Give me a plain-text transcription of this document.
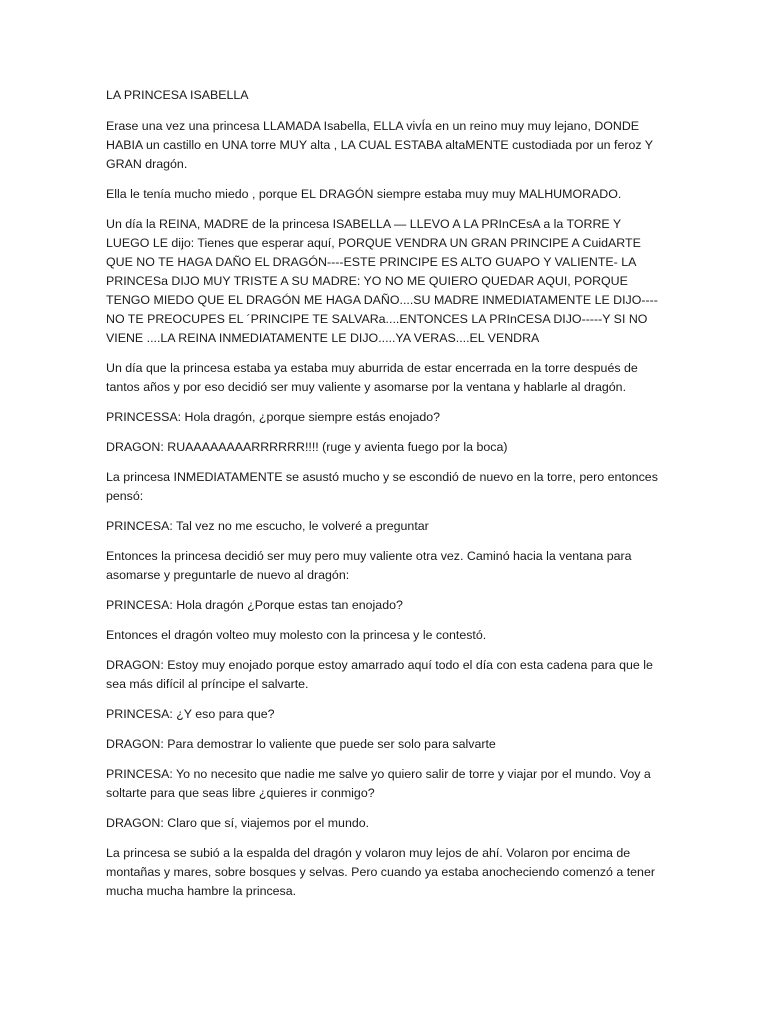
LA PRINCESA ISABELLA

Erase una vez una princesa LLAMADA Isabella, ELLA vivÍa en un reino muy muy lejano, DONDE HABIA un castillo en UNA torre MUY alta , LA CUAL ESTABA altaMENTE custodiada por un feroz Y GRAN dragón.

Ella le tenía mucho miedo , porque EL DRAGÓN siempre estaba muy muy MALHUMORADO.

Un día la REINA, MADRE de la princesa ISABELLA — LLEVO A LA PRInCEsA a la TORRE Y LUEGO LE dijo: Tienes que esperar aquí, PORQUE VENDRA UN GRAN PRINCIPE A CuidARTE QUE NO TE HAGA DAÑO EL DRAGÓN----ESTE PRINCIPE ES ALTO GUAPO Y VALIENTE- LA PRINCESa DIJO MUY TRISTE A SU MADRE: YO NO ME QUIERO QUEDAR AQUI, PORQUE TENGO MIEDO QUE EL DRAGÓN ME HAGA DAÑO....SU MADRE INMEDIATAMENTE LE DIJO----NO TE PREOCUPES EL ´PRINCIPE TE SALVARa....ENTONCES LA PRInCESA DIJO-----Y SI NO VIENE ....LA REINA INMEDIATAMENTE LE DIJO.....YA VERAS....EL VENDRA

Un día que la princesa estaba ya estaba muy aburrida de estar encerrada en la torre después de tantos años y por eso decidió ser muy valiente y asomarse por la ventana y hablarle al dragón.

PRINCESSA: Hola dragón, ¿porque siempre estás enojado?

DRAGON: RUAAAAAAAARRRRRR!!!! (ruge y avienta fuego por la boca)

La princesa INMEDIATAMENTE se asustó mucho y se escondió de nuevo en la torre, pero entonces pensó:

PRINCESA: Tal vez no me escucho, le volveré a preguntar

Entonces la princesa decidió ser muy pero muy valiente otra vez. Caminó hacia la ventana para asomarse y preguntarle de nuevo al dragón:

PRINCESA: Hola dragón ¿Porque estas tan enojado?

Entonces el dragón volteo muy molesto con la princesa y le contestó.

DRAGON: Estoy muy enojado porque estoy amarrado aquí todo el día con esta cadena para que le sea más difícil al príncipe el salvarte.

PRINCESA: ¿Y eso para que?

DRAGON: Para demostrar lo valiente que puede ser solo para salvarte

PRINCESA: Yo no necesito que nadie me salve yo quiero salir de torre y viajar por el mundo. Voy a soltarte para que seas libre ¿quieres ir conmigo?

DRAGON: Claro que sí, viajemos por el mundo.

La princesa se subió a la espalda del dragón y volaron muy lejos de ahí. Volaron por encima de montañas y mares, sobre bosques y selvas. Pero cuando ya estaba anocheciendo comenzó a tener mucha mucha hambre la princesa.
